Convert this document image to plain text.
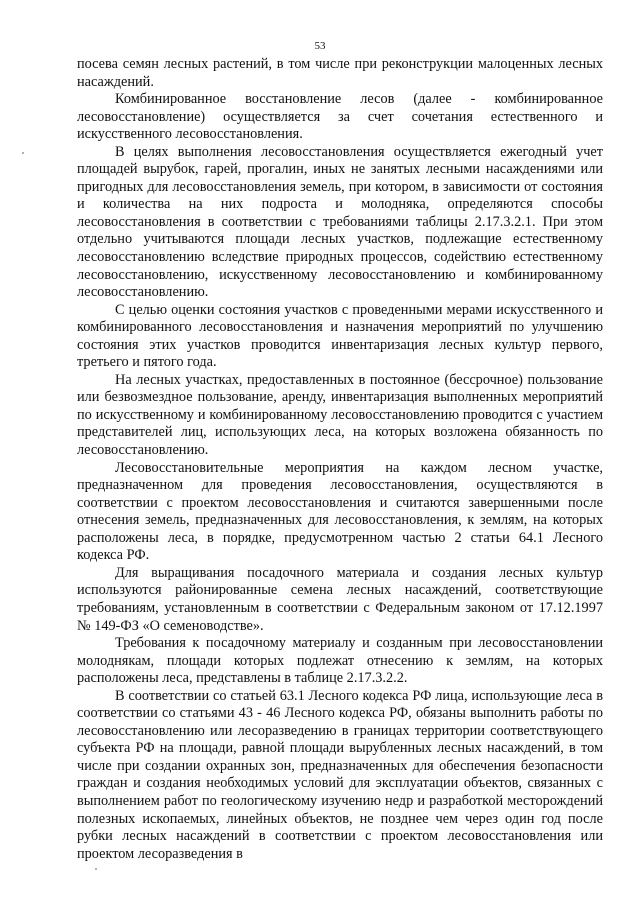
53

посева семян лесных растений, в том числе при реконструкции малоценных лесных насаждений.

Комбинированное восстановление лесов (далее - комбинированное лесовосстановление) осуществляется за счет сочетания естественного и искусственного лесовосстановления.

В целях выполнения лесовосстановления осуществляется ежегодный учет площадей вырубок, гарей, прогалин, иных не занятых лесными насаждениями или пригодных для лесовосстановления земель, при котором, в зависимости от состояния и количества на них подроста и молодняка, определяются способы лесовосстановления в соответствии с требованиями таблицы 2.17.3.2.1. При этом отдельно учитываются площади лесных участков, подлежащие естественному лесовосстановлению вследствие природных процессов, содействию естественному лесовосстановлению, искусственному лесовосстановлению и комбинированному лесовосстановлению.

С целью оценки состояния участков с проведенными мерами искусственного и комбинированного лесовосстановления и назначения мероприятий по улучшению состояния этих участков проводится инвентаризация лесных культур первого, третьего и пятого года.

На лесных участках, предоставленных в постоянное (бессрочное) пользование или безвозмездное пользование, аренду, инвентаризация выполненных мероприятий по искусственному и комбинированному лесовосстановлению проводится с участием представителей лиц, использующих леса, на которых возложена обязанность по лесовосстановлению.

Лесовосстановительные мероприятия на каждом лесном участке, предназначенном для проведения лесовосстановления, осуществляются в соответствии с проектом лесовосстановления и считаются завершенными после отнесения земель, предназначенных для лесовосстановления, к землям, на которых расположены леса, в порядке, предусмотренном частью 2 статьи 64.1 Лесного кодекса РФ.

Для выращивания посадочного материала и создания лесных культур используются районированные семена лесных насаждений, соответствующие требованиям, установленным в соответствии с Федеральным законом от 17.12.1997 № 149-ФЗ «О семеноводстве».

Требования к посадочному материалу и созданным при лесовосстановлении молоднякам, площади которых подлежат отнесению к землям, на которых расположены леса, представлены в таблице 2.17.3.2.2.

В соответствии со статьей 63.1 Лесного кодекса РФ лица, использующие леса в соответствии со статьями 43 - 46 Лесного кодекса РФ, обязаны выполнить работы по лесовосстановлению или лесоразведению в границах территории соответствующего субъекта РФ на площади, равной площади вырубленных лесных насаждений, в том числе при создании охранных зон, предназначенных для обеспечения безопасности граждан и создания необходимых условий для эксплуатации объектов, связанных с выполнением работ по геологическому изучению недр и разработкой месторождений полезных ископаемых, линейных объектов, не позднее чем через один год после рубки лесных насаждений в соответствии с проектом лесовосстановления или проектом лесоразведения в
